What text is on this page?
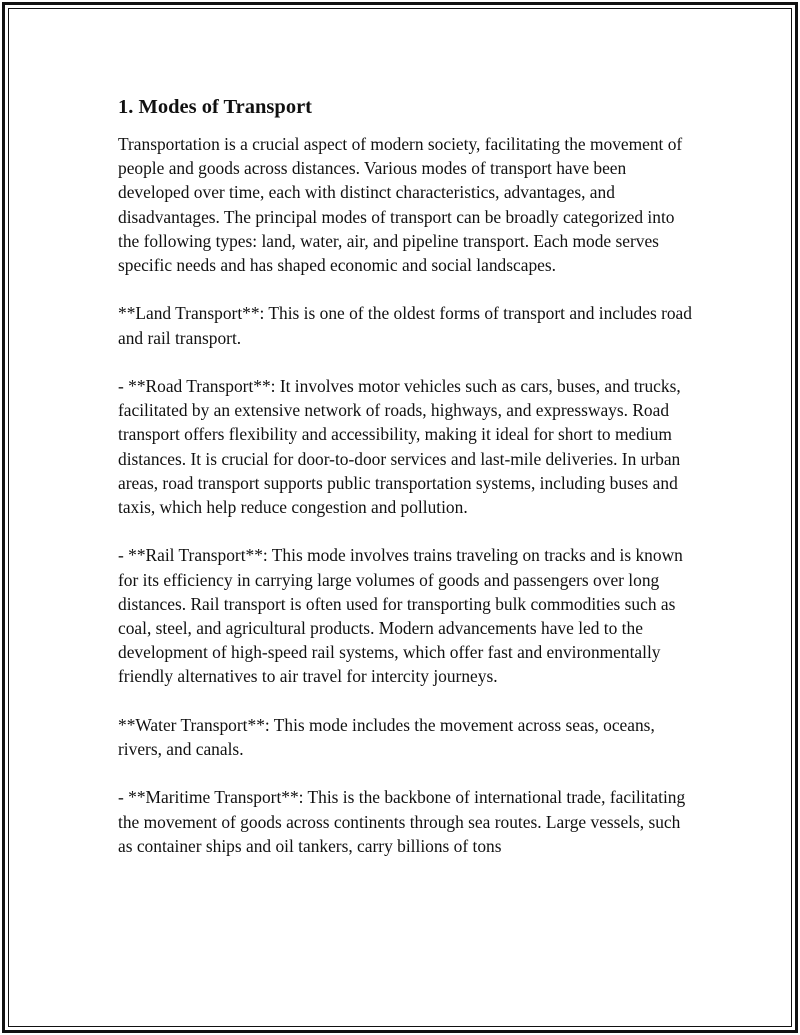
1. Modes of Transport

Transportation is a crucial aspect of modern society, facilitating the movement of people and goods across distances. Various modes of transport have been developed over time, each with distinct characteristics, advantages, and disadvantages. The principal modes of transport can be broadly categorized into the following types: land, water, air, and pipeline transport. Each mode serves specific needs and has shaped economic and social landscapes.

**Land Transport**: This is one of the oldest forms of transport and includes road and rail transport.

- **Road Transport**: It involves motor vehicles such as cars, buses, and trucks, facilitated by an extensive network of roads, highways, and expressways. Road transport offers flexibility and accessibility, making it ideal for short to medium distances. It is crucial for door-to-door services and last-mile deliveries. In urban areas, road transport supports public transportation systems, including buses and taxis, which help reduce congestion and pollution.

- **Rail Transport**: This mode involves trains traveling on tracks and is known for its efficiency in carrying large volumes of goods and passengers over long distances. Rail transport is often used for transporting bulk commodities such as coal, steel, and agricultural products. Modern advancements have led to the development of high-speed rail systems, which offer fast and environmentally friendly alternatives to air travel for intercity journeys.

**Water Transport**: This mode includes the movement across seas, oceans, rivers, and canals.

- **Maritime Transport**: This is the backbone of international trade, facilitating the movement of goods across continents through sea routes. Large vessels, such as container ships and oil tankers, carry billions of tons
